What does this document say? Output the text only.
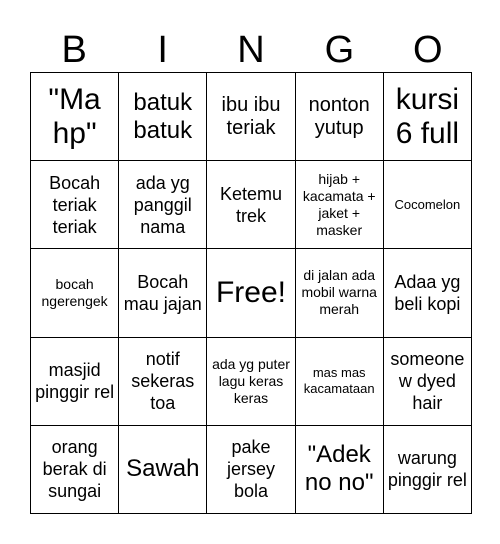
B	I	N	G	O
"Ma hp"
batuk batuk
ibu ibu teriak
nonton yutup
kursi 6 full
Bocah teriak teriak
ada yg panggil nama
Ketemu trek
hijab + kacamata + jaket + masker
Cocomelon
bocah ngerengek
Bocah mau jajan Free!
di jalan ada mobil warna merah
Adaa yg beli kopi
masjid pinggir rel
notif sekeras toa
ada yg puter lagu keras keras
mas mas kacamataan
someone w dyed hair
orang berak di sungai
Sawah
pake jersey bola
"Adek no no"
warung pinggir rel
